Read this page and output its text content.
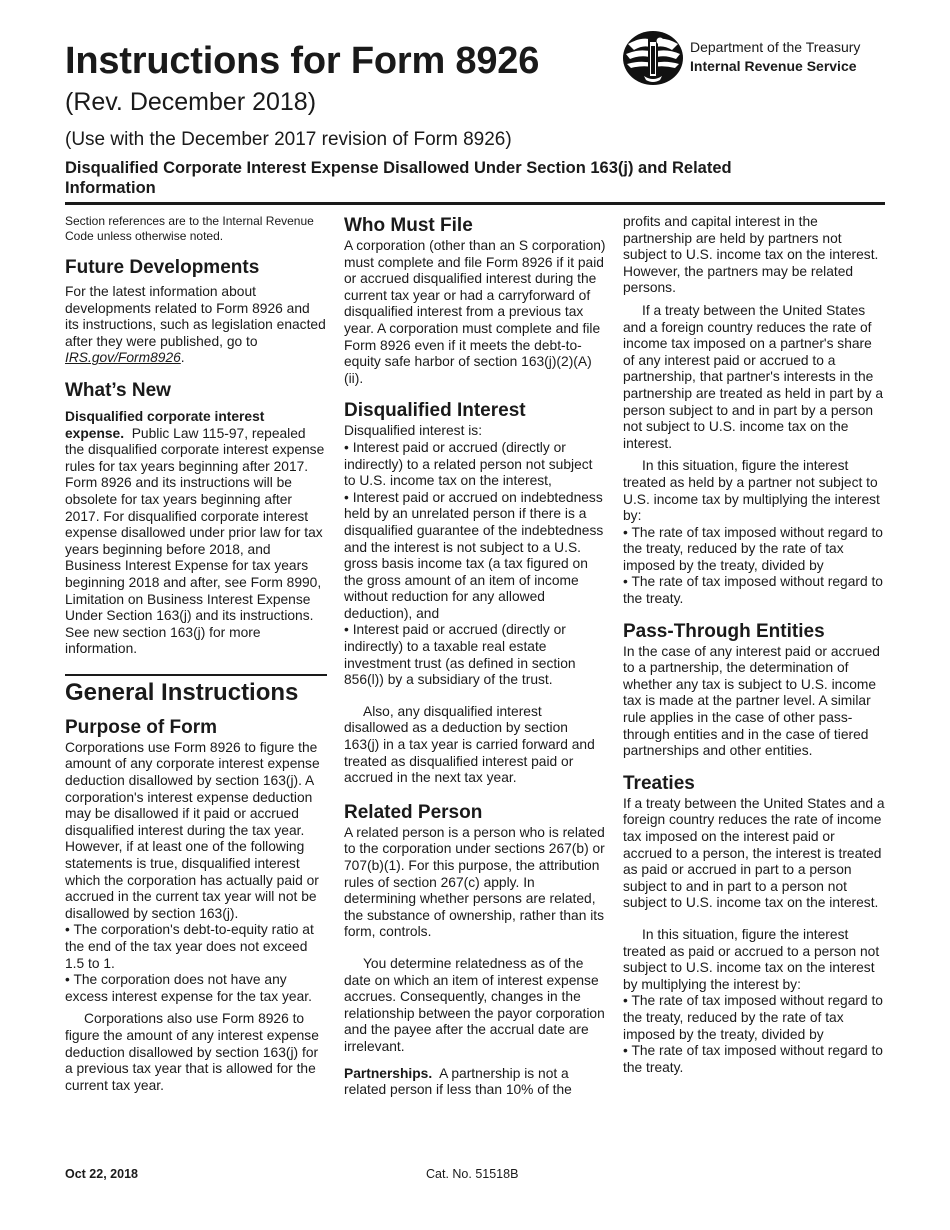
Instructions for Form 8926
(Rev. December 2018)
(Use with the December 2017 revision of Form 8926)
Disqualified Corporate Interest Expense Disallowed Under Section 163(j) and Related Information
Department of the Treasury
Internal Revenue Service

Section references are to the Internal Revenue Code unless otherwise noted.

Future Developments

For the latest information about developments related to Form 8926 and its instructions, such as legislation enacted after they were published, go to IRS.gov/Form8926.

What’s New

Disqualified corporate interest expense. Public Law 115-97, repealed the disqualified corporate interest expense rules for tax years beginning after 2017. Form 8926 and its instructions will be obsolete for tax years beginning after 2017. For disqualified corporate interest expense disallowed under prior law for tax years beginning before 2018, and Business Interest Expense for tax years beginning 2018 and after, see Form 8990, Limitation on Business Interest Expense Under Section 163(j) and its instructions. See new section 163(j) for more information.

General Instructions
Purpose of Form

Corporations use Form 8926 to figure the amount of any corporate interest expense deduction disallowed by section 163(j). A corporation's interest expense deduction may be disallowed if it paid or accrued disqualified interest during the tax year. However, if at least one of the following statements is true, disqualified interest which the corporation has actually paid or accrued in the current tax year will not be disallowed by section 163(j).

• The corporation's debt-to-equity ratio at the end of the tax year does not exceed 1.5 to 1.

• The corporation does not have any excess interest expense for the tax year.

Corporations also use Form 8926 to figure the amount of any interest expense deduction disallowed by section 163(j) for a previous tax year that is allowed for the current tax year.

Who Must File

A corporation (other than an S corporation) must complete and file Form 8926 if it paid or accrued disqualified interest during the current tax year or had a carryforward of disqualified interest from a previous tax year. A corporation must complete and file Form 8926 even if it meets the debt-to-equity safe harbor of section 163(j)(2)(A)(ii).

Disqualified Interest

Disqualified interest is:

• Interest paid or accrued (directly or indirectly) to a related person not subject to U.S. income tax on the interest,

• Interest paid or accrued on indebtedness held by an unrelated person if there is a disqualified guarantee of the indebtedness and the interest is not subject to a U.S. gross basis income tax (a tax figured on the gross amount of an item of income without reduction for any allowed deduction), and

• Interest paid or accrued (directly or indirectly) to a taxable real estate investment trust (as defined in section 856(l)) by a subsidiary of the trust.

Also, any disqualified interest disallowed as a deduction by section 163(j) in a tax year is carried forward and treated as disqualified interest paid or accrued in the next tax year.

Related Person

A related person is a person who is related to the corporation under sections 267(b) or 707(b)(1). For this purpose, the attribution rules of section 267(c) apply. In determining whether persons are related, the substance of ownership, rather than its form, controls.

You determine relatedness as of the date on which an item of interest expense accrues. Consequently, changes in the relationship between the payor corporation and the payee after the accrual date are irrelevant.

Partnerships. A partnership is not a related person if less than 10% of the

profits and capital interest in the partnership are held by partners not subject to U.S. income tax on the interest. However, the partners may be related persons.

If a treaty between the United States and a foreign country reduces the rate of income tax imposed on a partner's share of any interest paid or accrued to a partnership, that partner's interests in the partnership are treated as held in part by a person subject to and in part by a person not subject to U.S. income tax on the interest.

In this situation, figure the interest treated as held by a partner not subject to U.S. income tax by multiplying the interest by:

• The rate of tax imposed without regard to the treaty, reduced by the rate of tax imposed by the treaty, divided by

• The rate of tax imposed without regard to the treaty.

Pass-Through Entities

In the case of any interest paid or accrued to a partnership, the determination of whether any tax is subject to U.S. income tax is made at the partner level. A similar rule applies in the case of other pass-through entities and in the case of tiered partnerships and other entities.

Treaties

If a treaty between the United States and a foreign country reduces the rate of income tax imposed on the interest paid or accrued to a person, the interest is treated as paid or accrued in part to a person subject to and in part to a person not subject to U.S. income tax on the interest.

In this situation, figure the interest treated as paid or accrued to a person not subject to U.S. income tax on the interest by multiplying the interest by:

• The rate of tax imposed without regard to the treaty, reduced by the rate of tax imposed by the treaty, divided by

• The rate of tax imposed without regard to the treaty.

Oct 22, 2018	Cat. No. 51518B
